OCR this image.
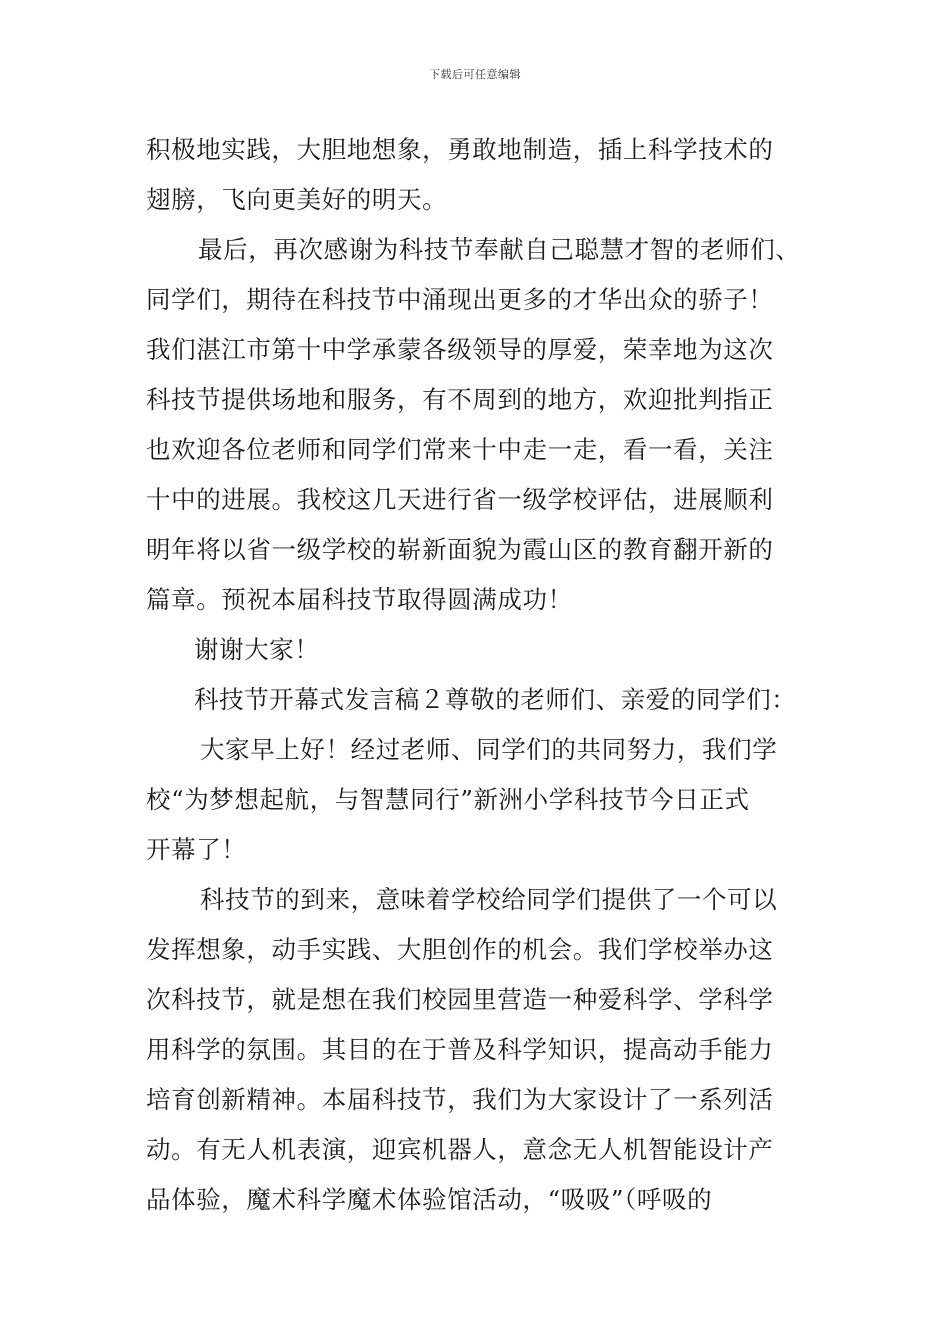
下载后可任意编辑
积极地实践，大胆地想象，勇敢地制造，插上科学技术的
翅膀，飞向更美好的明天。
最后，再次感谢为科技节奉献自己聪慧才智的老师们、
同学们，期待在科技节中涌现出更多的才华出众的骄子！
我们湛江市第十中学承蒙各级领导的厚爱，荣幸地为这次
科技节提供场地和服务，有不周到的地方，欢迎批判指正
也欢迎各位老师和同学们常来十中走一走，看一看，关注
十中的进展。我校这几天进行省一级学校评估，进展顺利
明年将以省一级学校的崭新面貌为霞山区的教育翻开新的
篇章。预祝本届科技节取得圆满成功！
谢谢大家！
科技节开幕式发言稿２尊敬的老师们、亲爱的同学们：
大家早上好！经过老师、同学们的共同努力，我们学
校“为梦想起航，与智慧同行”新洲小学科技节今日正式
开幕了！
科技节的到来，意味着学校给同学们提供了一个可以
发挥想象，动手实践、大胆创作的机会。我们学校举办这
次科技节，就是想在我们校园里营造一种爱科学、学科学
用科学的氛围。其目的在于普及科学知识，提高动手能力
培育创新精神。本届科技节，我们为大家设计了一系列活
动。有无人机表演，迎宾机器人，意念无人机智能设计产
品体验，魔术科学魔术体验馆活动，“吸吸”（呼吸的
